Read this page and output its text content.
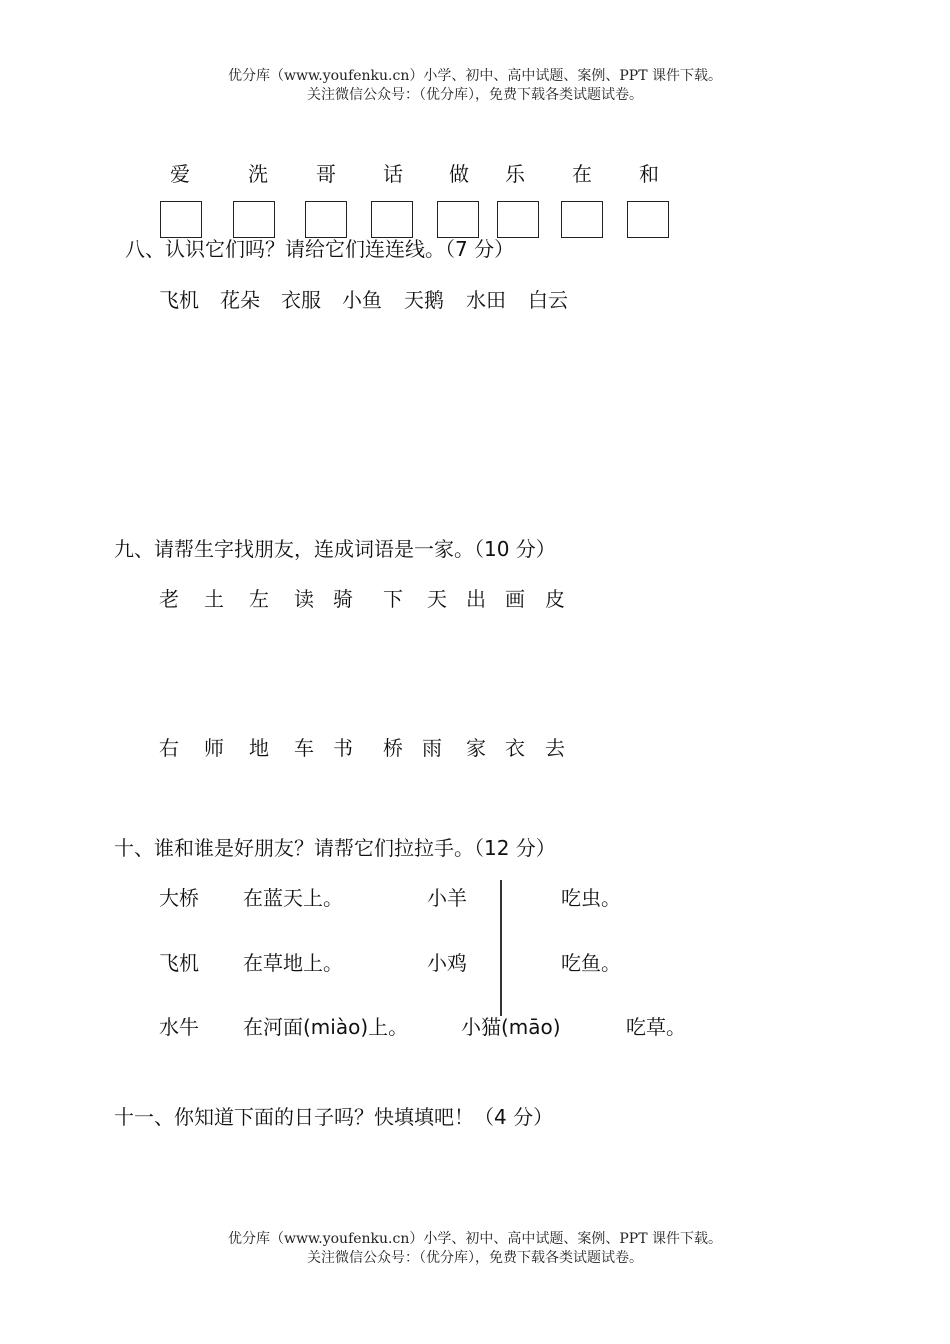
优分库（www.youfenku.cn）小学、初中、高中试题、案例、PPT 课件下载。
关注微信公众号：（优分库），免费下载各类试题试卷。
爱	洗 哥 话 做 乐 在 和
八、认识它们吗？请给它们连连线。（7 分）
飞机 花朵 衣服 小鱼 天鹅 水田 白云
九、请帮生字找朋友，连成词语是一家。（10 分）
老 土 左 读 骑 下 天 出 画 皮
右 师 地 车 书 桥 雨 家 衣 去
十、谁和谁是好朋友？请帮它们拉拉手。（12 分）
大桥 在蓝天上。	小羊	吃虫。
飞机 在草地上。	小鸡	吃鱼。
水牛 在河面(miào)上。	小猫(māo)	吃草。
十一、你知道下面的日子吗？快填填吧！（4 分）
优分库（www.youfenku.cn）小学、初中、高中试题、案例、PPT 课件下载。
关注微信公众号：（优分库），免费下载各类试题试卷。
